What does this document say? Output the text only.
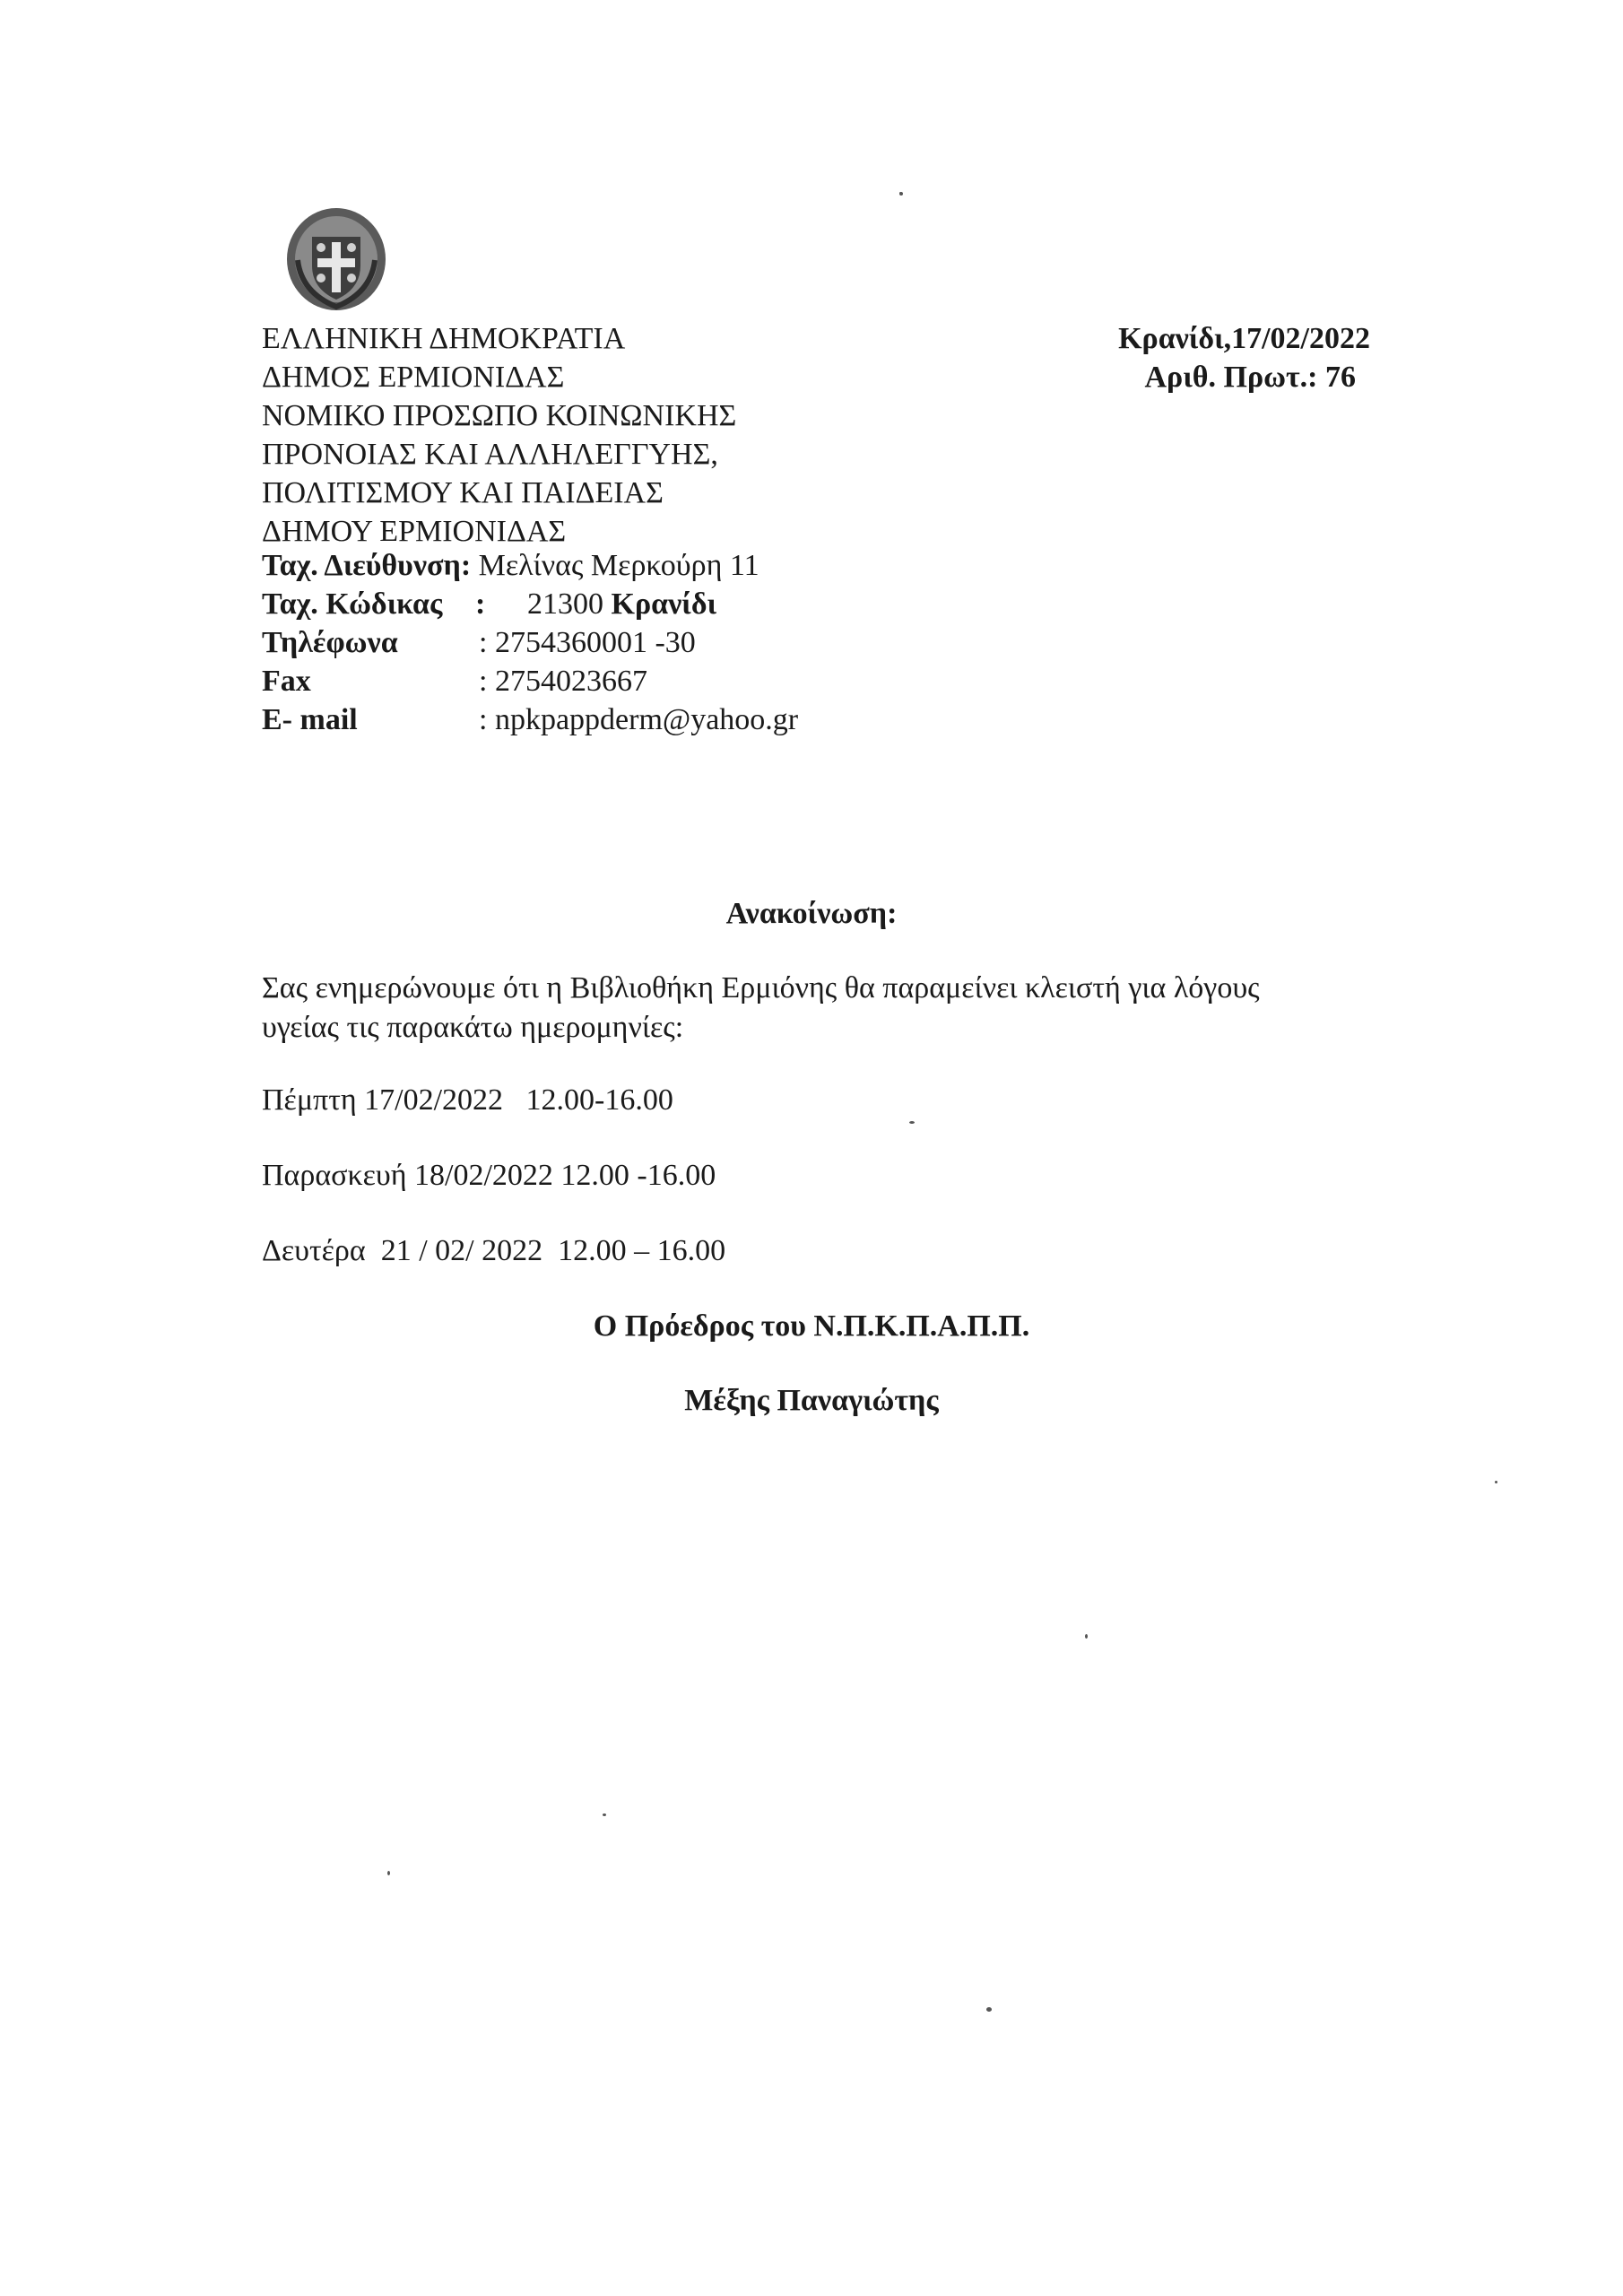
ΕΛΛΗΝΙΚΗ ΔΗΜΟΚΡΑΤΙΑ
ΔΗΜΟΣ ΕΡΜΙΟΝΙΔΑΣ
ΝΟΜΙΚΟ ΠΡΟΣΩΠΟ ΚΟΙΝΩΝΙΚΗΣ
ΠΡΟΝΟΙΑΣ ΚΑΙ ΑΛΛΗΛΕΓΓΥΗΣ,
ΠΟΛΙΤΙΣΜΟΥ ΚΑΙ ΠΑΙΔΕΙΑΣ
ΔΗΜΟΥ ΕΡΜΙΟΝΙΔΑΣ
Ταχ. Διεύθυνση: Μελίνας Μερκούρη 11
Ταχ. Κώδικας : 21300 Κρανίδι
Τηλέφωνα	: 2754360001 -30
Fax	: 2754023667
E- mail	: npkpappderm@yahoo.gr
Κρανίδι,17/02/2022
Αριθ. Πρωτ.: 76
Ανακοίνωση:
Σας ενημερώνουμε ότι η Βιβλιοθήκη Ερμιόνης θα παραμείνει κλειστή για λόγους
υγείας τις παρακάτω ημερομηνίες:
Πέμπτη 17/02/2022   12.00-16.00
Παρασκευή 18/02/2022 12.00 -16.00
Δευτέρα  21 / 02/ 2022  12.00 – 16.00
Ο Πρόεδρος του Ν.Π.Κ.Π.Α.Π.Π.
Μέξης Παναγιώτης
